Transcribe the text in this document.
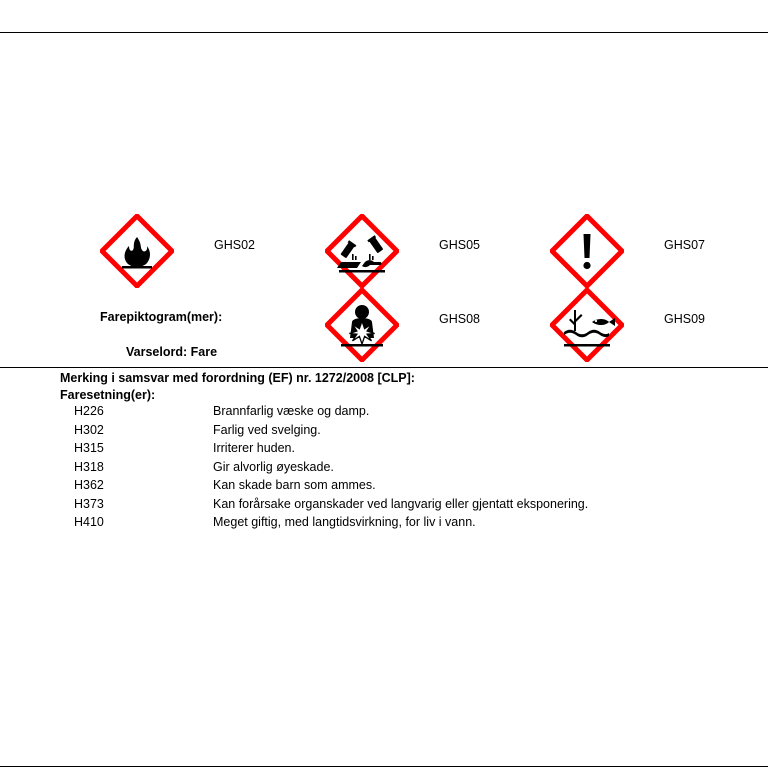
GHS02	GHS05	GHS07
GHS08	GHS09
Farepiktogram(mer):
Varselord: Fare
Merking i samsvar med forordning (EF) nr. 1272/2008 [CLP]:
Faresetning(er):
H226	Brannfarlig væske og damp.
H302	Farlig ved svelging.
H315	Irriterer huden.
H318	Gir alvorlig øyeskade.
H362	Kan skade barn som ammes.
H373	Kan forårsake organskader ved langvarig eller gjentatt eksponering.
H410	Meget giftig, med langtidsvirkning, for liv i vann.
